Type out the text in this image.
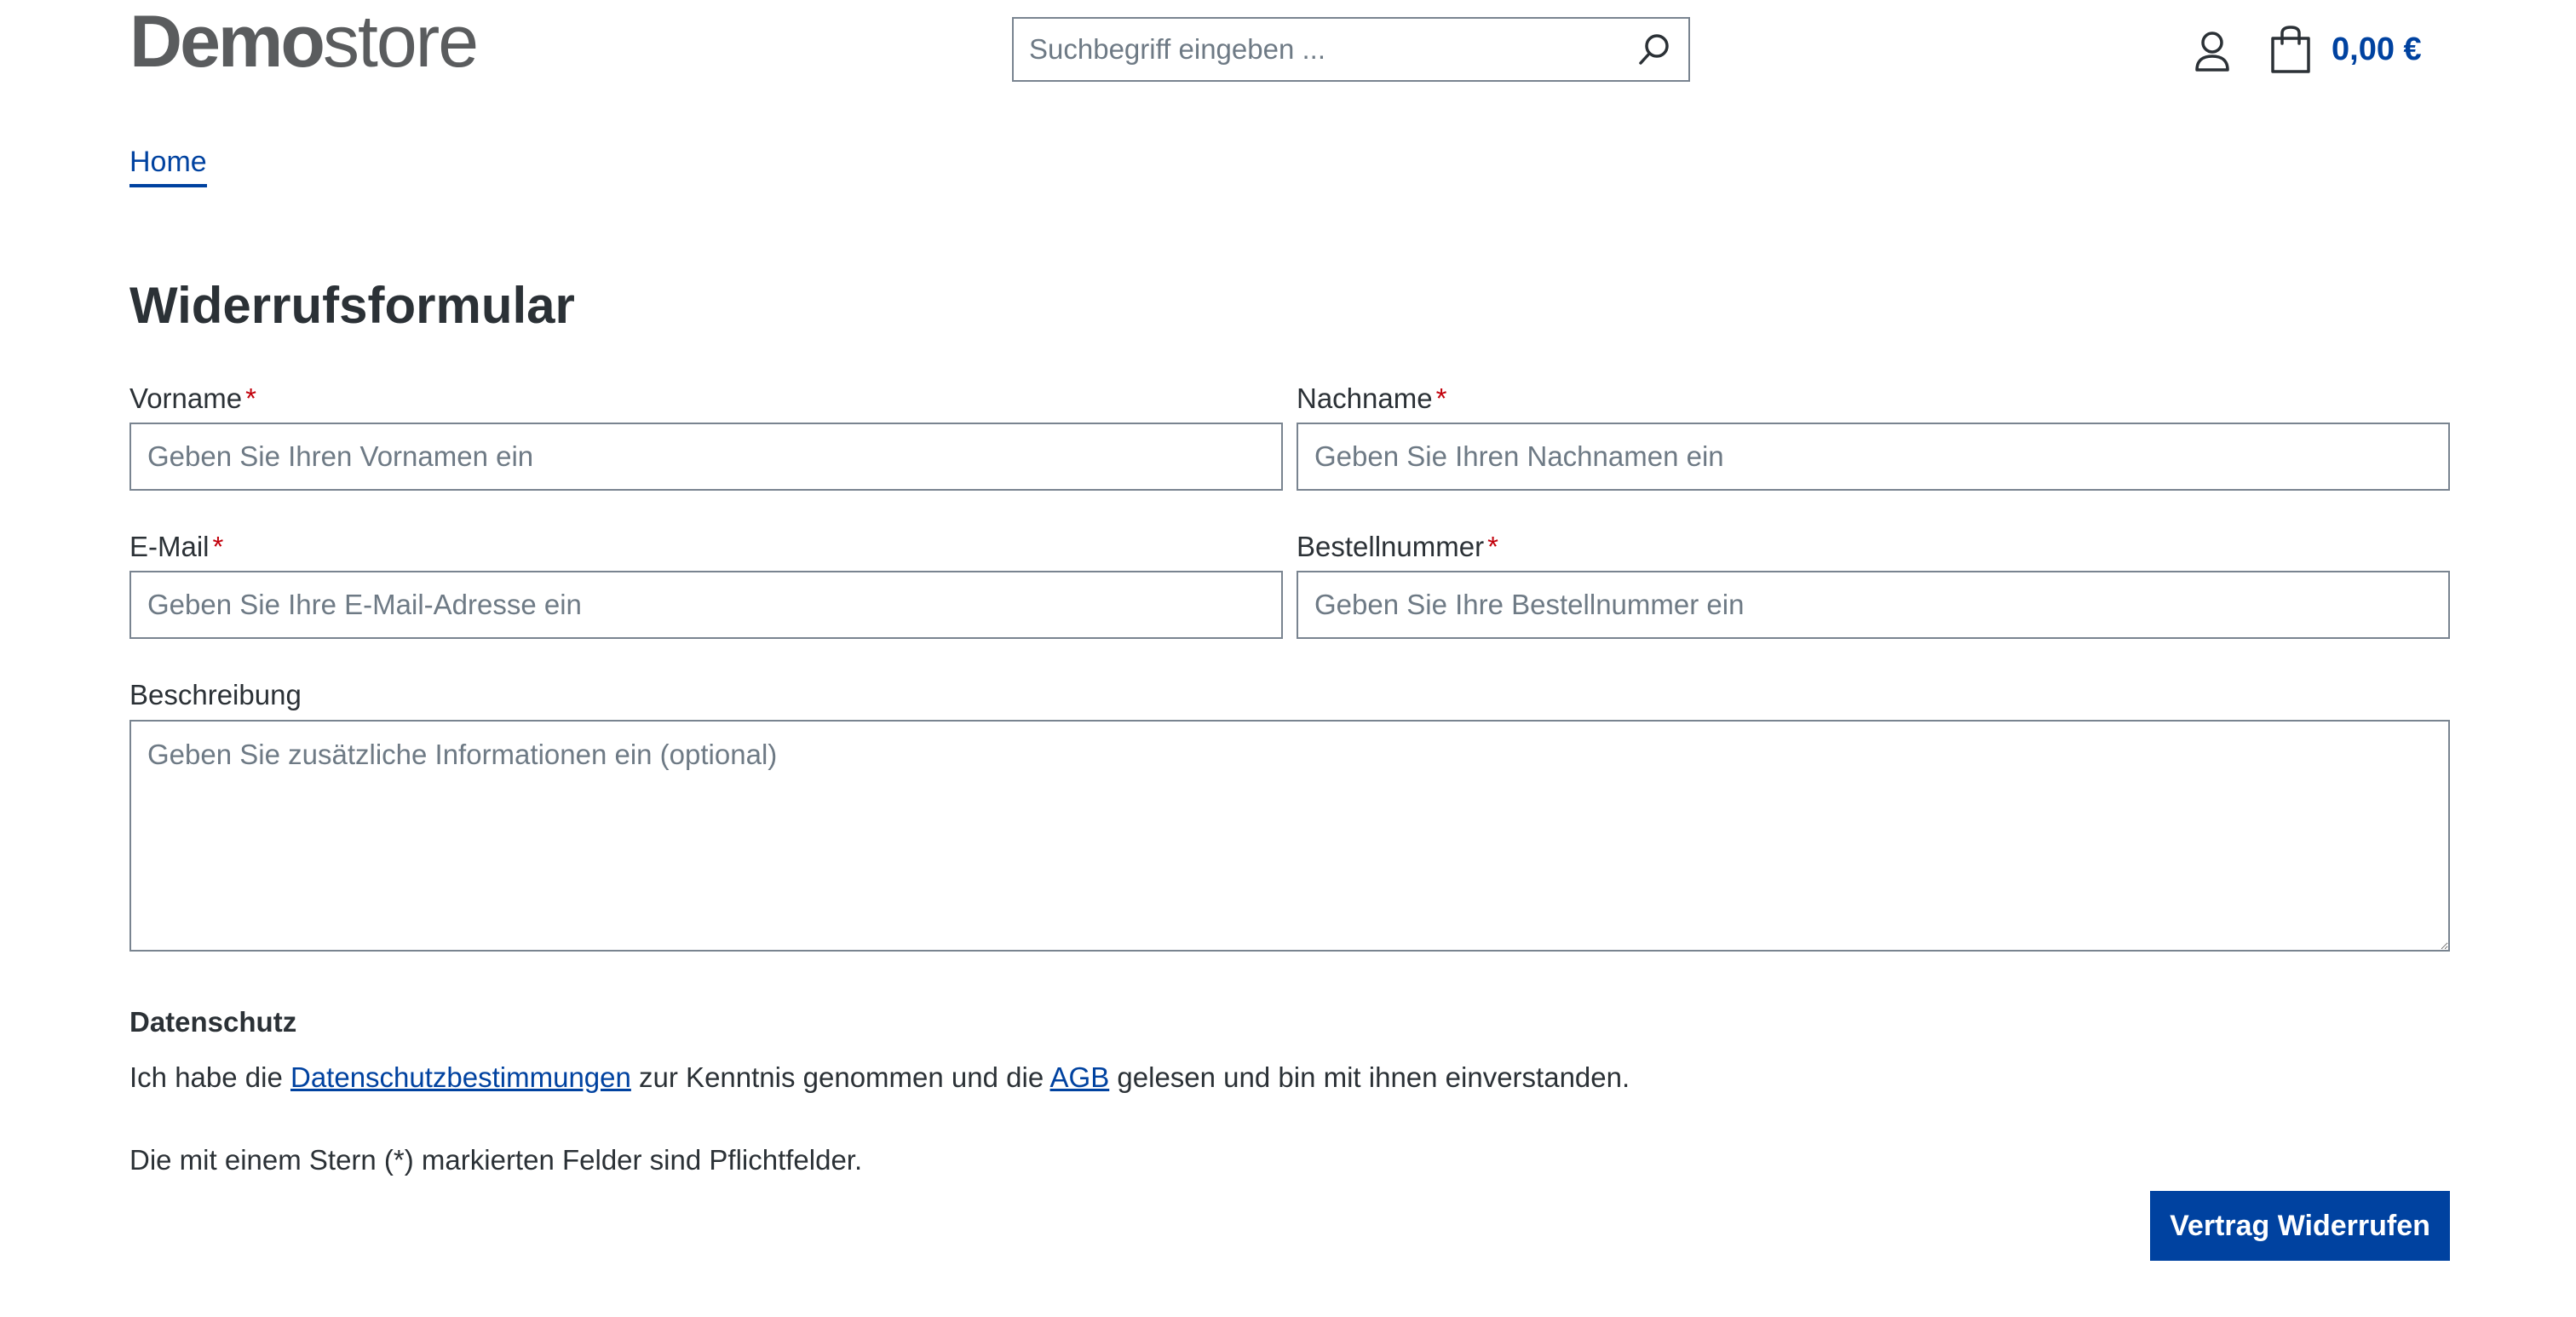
Demo store
Suchbegriff eingeben ...	0,00 €
Home
Widerrufsformular
Vorname *
Geben Sie Ihren Vornamen ein	Nachname *
Geben Sie Ihren Nachnamen ein
E-Mail *
Geben Sie Ihre E-Mail-Adresse ein	Bestellnummer *
Geben Sie Ihre Bestellnummer ein
Beschreibung
Geben Sie zusätzliche Informationen ein (optional)
Datenschutz
Ich habe die Datenschutzbestimmungen zur Kenntnis genommen und die AGB gelesen und bin mit ihnen einverstanden.
Die mit einem Stern (*) markierten Felder sind Pflichtfelder.
Vertrag Widerrufen
